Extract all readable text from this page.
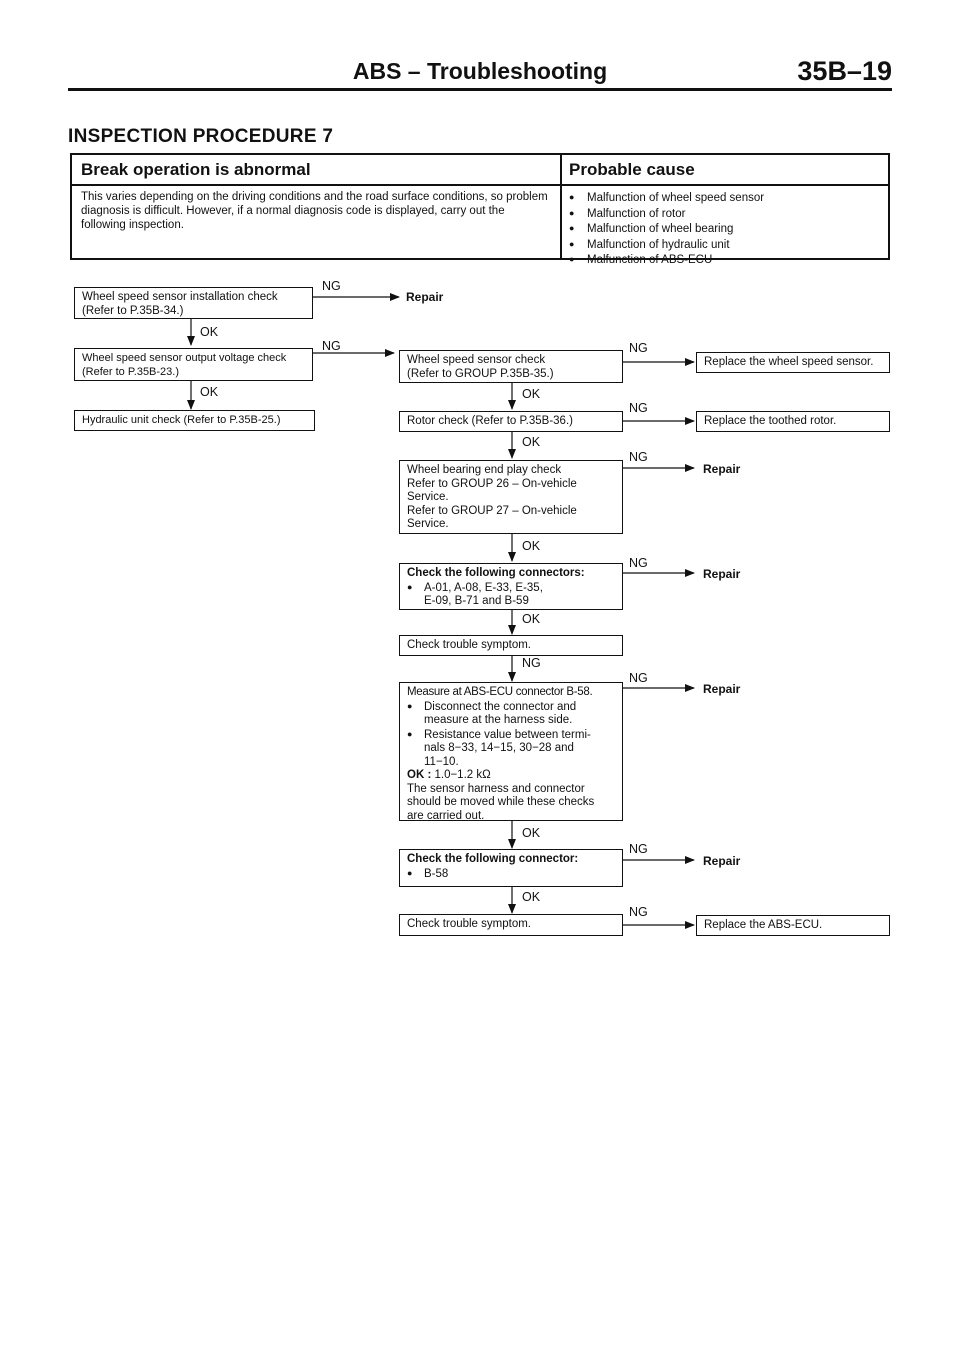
ABS – Troubleshooting	35B–19
INSPECTION PROCEDURE 7
Break operation is abnormal	Probable cause
This varies depending on the driving conditions and the road surface conditions, so problem diagnosis is difficult. However, if a normal diagnosis code is displayed, carry out the following inspection.
● Malfunction of wheel speed sensor
● Malfunction of rotor
● Malfunction of wheel bearing
● Malfunction of hydraulic unit
● Malfunction of ABS-ECU
Wheel speed sensor installation check
(Refer to P.35B-34.)
Wheel speed sensor output voltage check
(Refer to P.35B-23.)
Hydraulic unit check (Refer to P.35B-25.)
Wheel speed sensor check
(Refer to GROUP P.35B-35.)
Rotor check (Refer to P.35B-36.)
Wheel bearing end play check
Refer to GROUP 26 – On-vehicle
Service.
Refer to GROUP 27 – On-vehicle
Service.
Check the following connectors:
● A-01, A-08, E-33, E-35,
E-09, B-71 and B-59
Check trouble symptom.
Measure at ABS-ECU connector B-58.
● Disconnect the connector and
measure at the harness side.
● Resistance value between termi-
nals 8−33, 14−15, 30−28 and
11−10.
OK : 1.0−1.2 kΩ
The sensor harness and connector
should be moved while these checks
are carried out.
Check the following connector:
● B-58
Check trouble symptom.
Replace the wheel speed sensor.
Replace the toothed rotor.
Replace the ABS-ECU.
Repair
Repair
Repair
Repair
Repair
OK
OK	OK
OK
OK
OK
OK
OK
NG
NG
NG
NG
NG
NG
NG
NG
NG
NG
